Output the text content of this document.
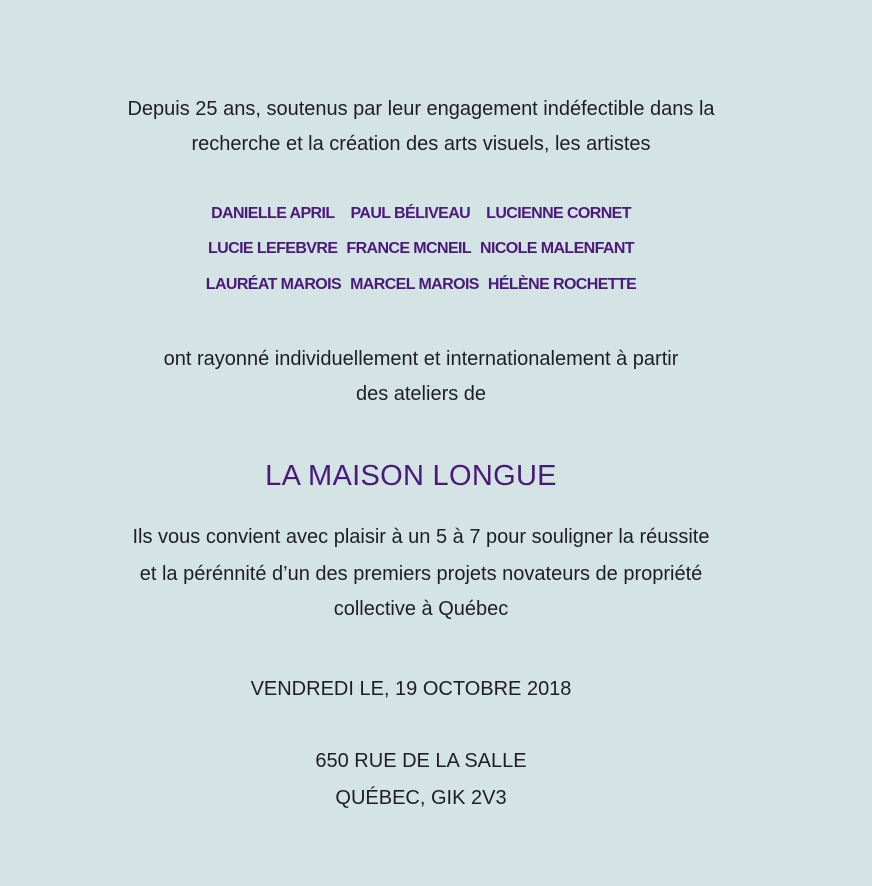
Depuis 25 ans, soutenus par leur engagement indéfectible dans la
recherche et la création des arts visuels, les artistes
DANIELLE APRIL PAUL BÉLIVEAU LUCIENNE CORNET
LUCIE LEFEBVRE FRANCE MCNEIL NICOLE MALENFANT
LAURÉAT MAROIS MARCEL MAROIS HÉLÈNE ROCHETTE
ont rayonné individuellement et internationalement à partir
des ateliers de
LA MAISON LONGUE
Ils vous convient avec plaisir à un 5 à 7 pour souligner la réussite
et la pérénnité d’un des premiers projets novateurs de propriété
collective à Québec
VENDREDI LE, 19 OCTOBRE 2018
650 RUE DE LA SALLE
QUÉBEC, GIK 2V3
